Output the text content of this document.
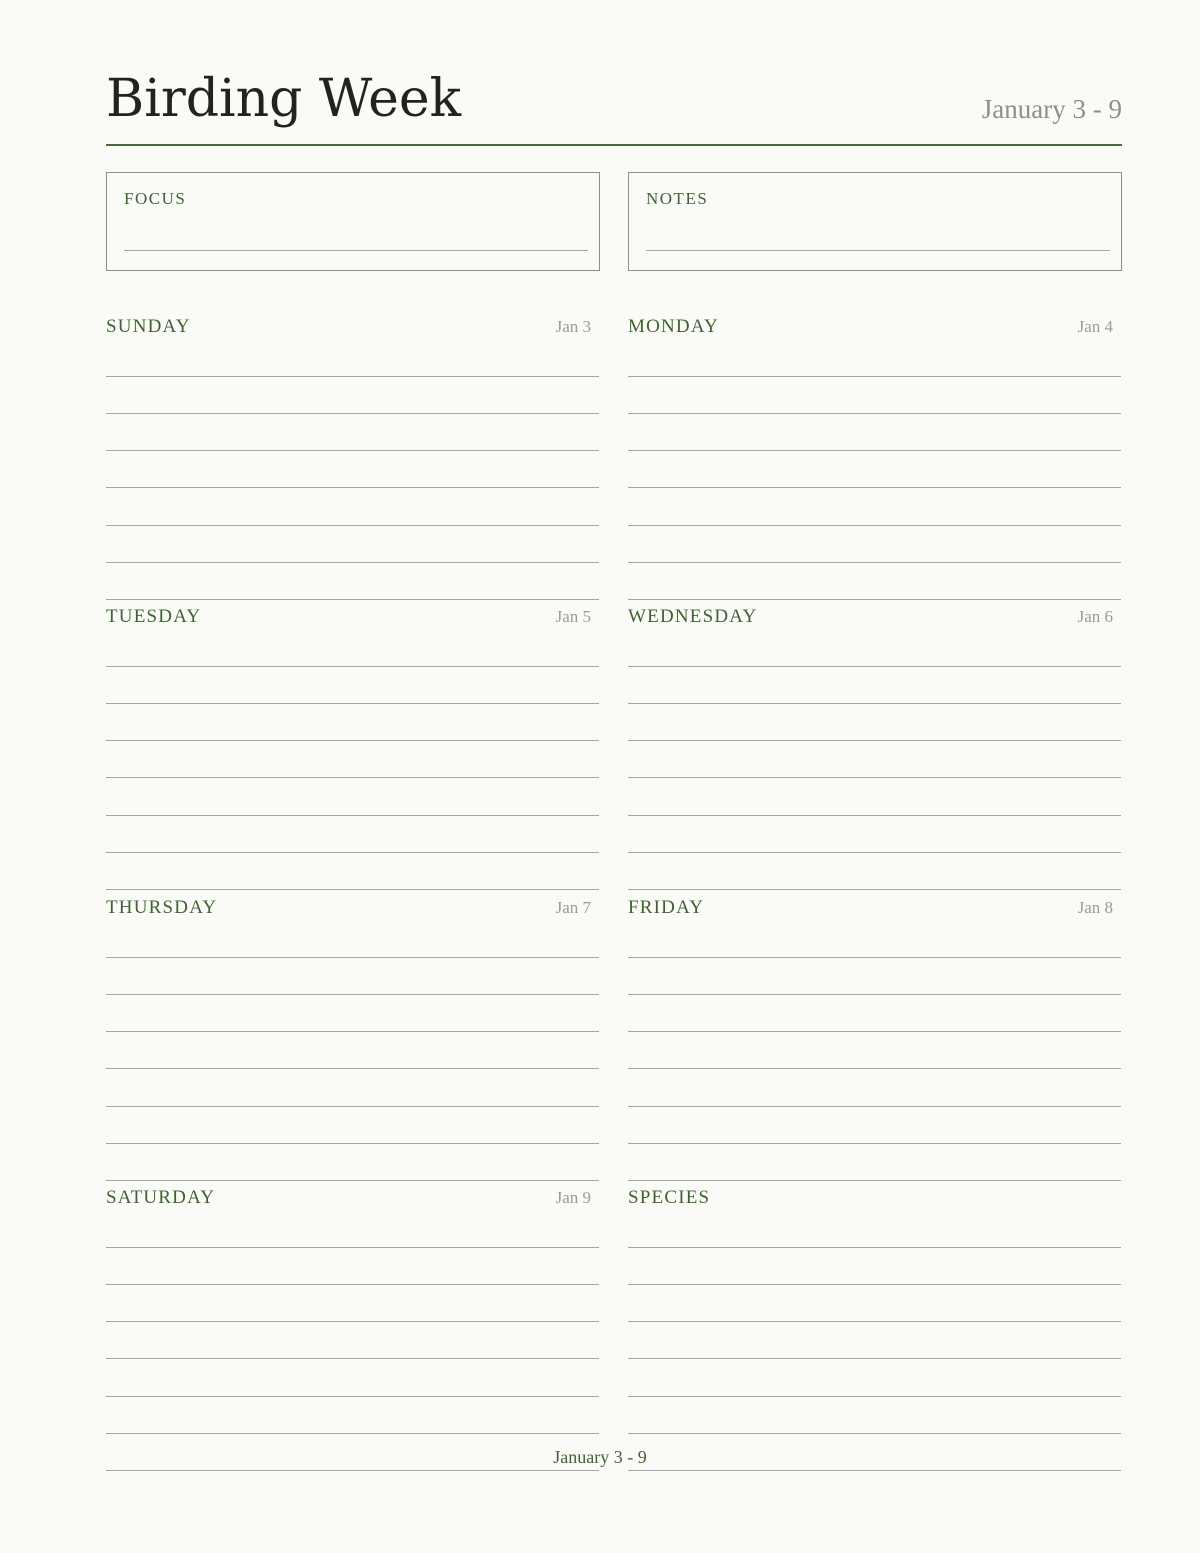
Birding Week	January 3 - 9
FOCUS	NOTES
SUNDAY	Jan 3 MONDAY	Jan 4
TUESDAY	Jan 5 WEDNESDAY	Jan 6
THURSDAY	Jan 7 FRIDAY	Jan 8
SATURDAY	Jan 9 SPECIES
January 3 - 9
